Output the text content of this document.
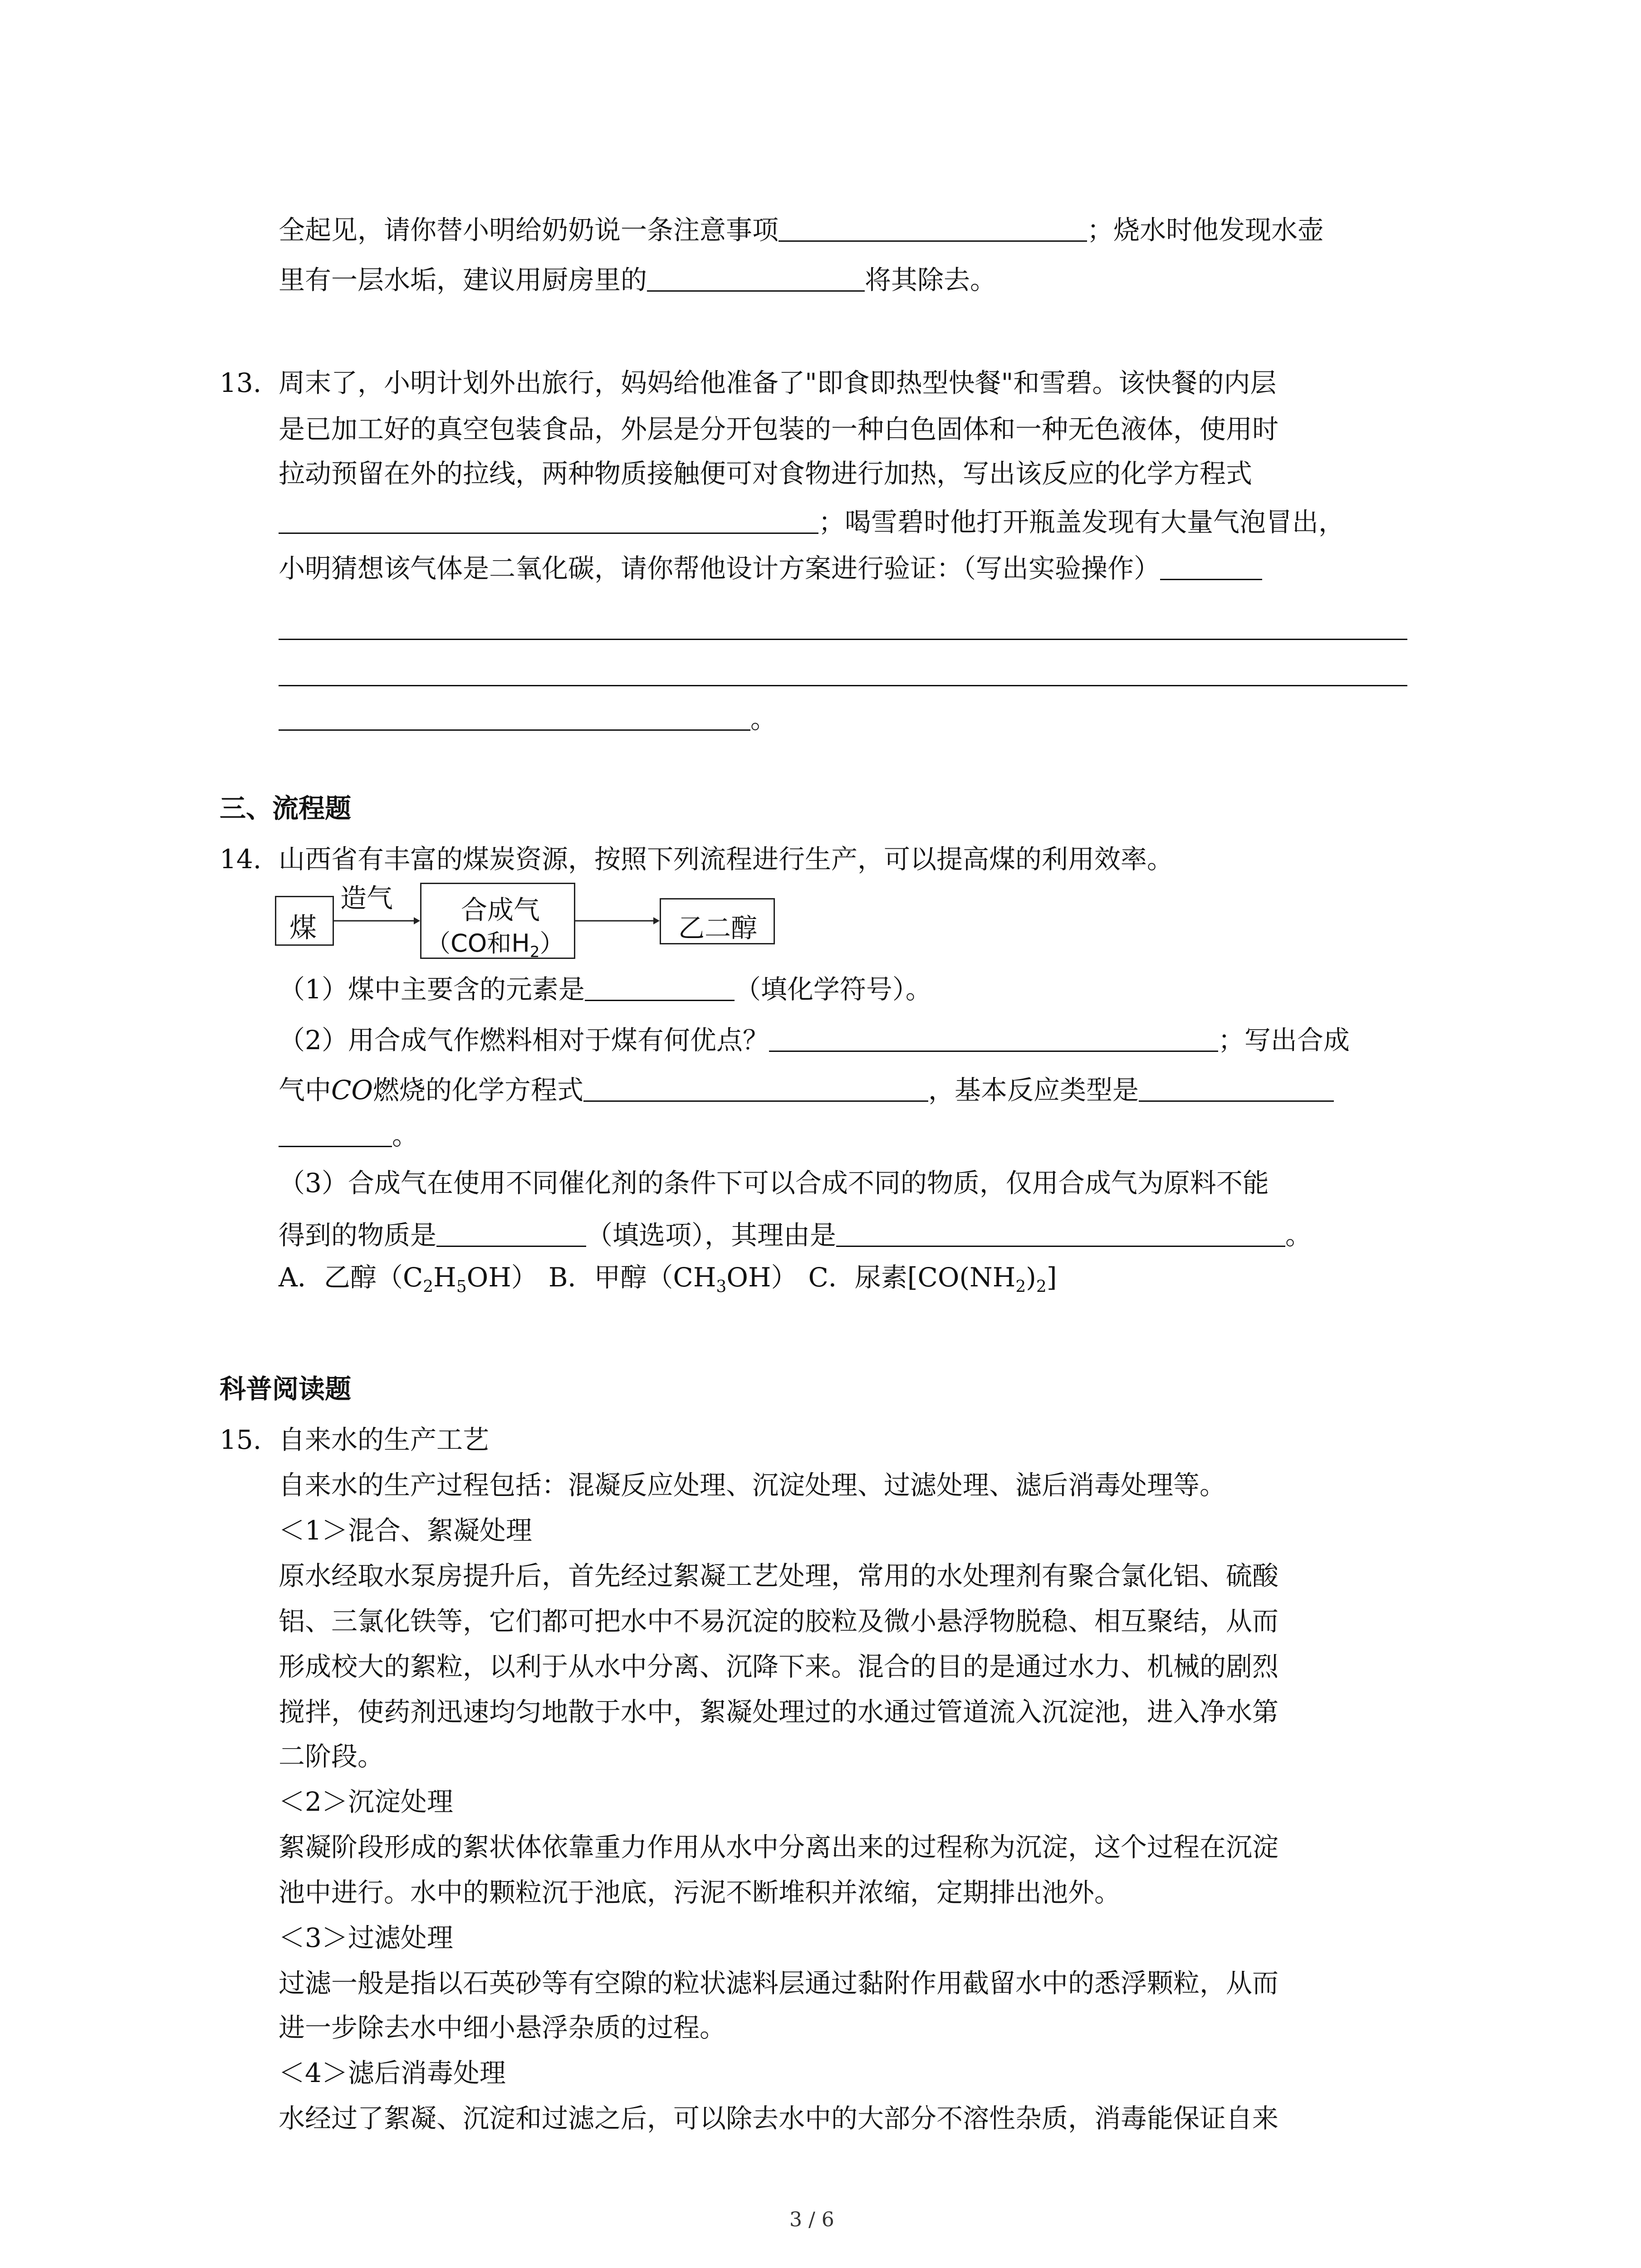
全起见，请你替小明给奶奶说一条注意事项	；烧水时他发现水壶
里有一层水垢，建议用厨房里的	将其除去。
13. 周末了，小明计划外出旅行，妈妈给他准备了"即食即热型快餐"和雪碧。该快餐的内层
是已加工好的真空包装食品，外层是分开包装的一种白色固体和一种无色液体，使用时
拉动预留在外的拉线，两种物质接触便可对食物进行加热，写出该反应的化学方程式
；喝雪碧时他打开瓶盖发现有大量气泡冒出，
小明猜想该气体是二氧化碳，请你帮他设计方案进行验证：（写出实验操作）
。
三、流程题
14. 山西省有丰富的煤炭资源，按照下列流程进行生产，可以提高煤的利用效率。
煤
造气	合成气
（CO和$H_2$）	乙二醇
（1）煤中主要含的元素是	（填化学符号）。
（2）用合成气作燃料相对于煤有何优点？	；写出合成
气中CO燃烧的化学方程式	，基本反应类型是
。
（3）合成气在使用不同催化剂的条件下可以合成不同的物质，仅用合成气为原料不能
得到的物质是	（填选项），其理由是	。
A．乙醇$(C_2H_5OH)$ B．甲醇$(CH_3OH)$ C．尿素$[CO(NH_2)_2]$
科普阅读题
15. 自来水的生产工艺
自来水的生产过程包括：混凝反应处理、沉淀处理、过滤处理、滤后消毒处理等。
＜1＞混合、絮凝处理
原水经取水泵房提升后，首先经过絮凝工艺处理，常用的水处理剂有聚合氯化铝、硫酸
铝、三氯化铁等，它们都可把水中不易沉淀的胶粒及微小悬浮物脱稳、相互聚结，从而
形成校大的絮粒，以利于从水中分离、沉降下来。混合的目的是通过水力、机械的剧烈
搅拌，使药剂迅速均匀地散于水中，絮凝处理过的水通过管道流入沉淀池，进入净水第
二阶段。
＜2＞沉淀处理
絮凝阶段形成的絮状体依靠重力作用从水中分离出来的过程称为沉淀，这个过程在沉淀
池中进行。水中的颗粒沉于池底，污泥不断堆积并浓缩，定期排出池外。
＜3＞过滤处理
过滤一般是指以石英砂等有空隙的粒状滤料层通过黏附作用截留水中的悉浮颗粒，从而
进一步除去水中细小悬浮杂质的过程。
＜4＞滤后消毒处理
水经过了絮凝、沉淀和过滤之后，可以除去水中的大部分不溶性杂质，消毒能保证自来
3 / 6
